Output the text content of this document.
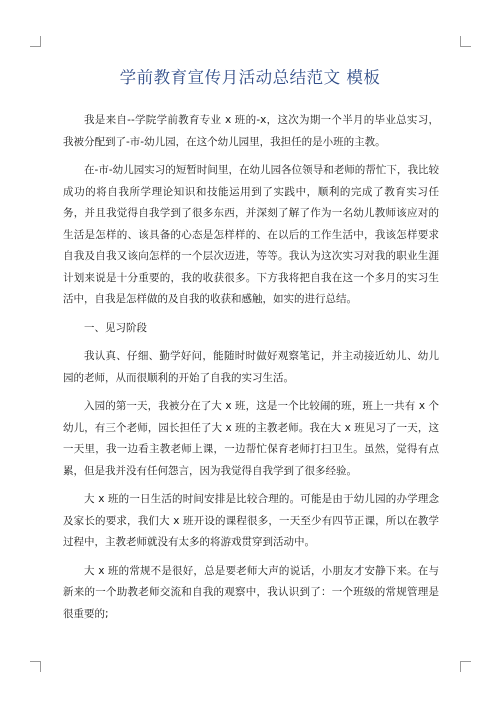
学前教育宣传月活动总结范文 模板

我是来自--学院学前教育专业 x 班的-x，这次为期一个半月的毕业总实习，我被分配到了-市-幼儿园，在这个幼儿园里，我担任的是小班的主教。

在-市-幼儿园实习的短暂时间里，在幼儿园各位领导和老师的帮忙下，我比较成功的将自我所学理论知识和技能运用到了实践中，顺利的完成了教育实习任务，并且我觉得自我学到了很多东西，并深刻了解了作为一名幼儿教师该应对的生活是怎样的、该具备的心态是怎样样的、在以后的工作生活中，我该怎样要求自我及自我又该向怎样的一个层次迈进，等等。我认为这次实习对我的职业生涯计划来说是十分重要的，我的收获很多。下方我将把自我在这一个多月的实习生活中，自我是怎样做的及自我的收获和感触，如实的进行总结。

一、见习阶段

我认真、仔细、勤学好问，能随时时做好观察笔记，并主动接近幼儿、幼儿园的老师，从而很顺利的开始了自我的实习生活。

入园的第一天，我被分在了大 x 班，这是一个比较闹的班，班上一共有 x 个幼儿，有三个老师，园长担任了大 x 班的主教老师。我在大 x 班见习了一天，这一天里，我一边看主教老师上课，一边帮忙保育老师打扫卫生。虽然，觉得有点累，但是我并没有任何怨言，因为我觉得自我学到了很多经验。

大 x 班的一日生活的时间安排是比较合理的。可能是由于幼儿园的办学理念及家长的要求，我们大 x 班开设的课程很多，一天至少有四节正课，所以在教学过程中，主教老师就没有太多的将游戏贯穿到活动中。

大 x 班的常规不是很好，总是要老师大声的说话，小朋友才安静下来。在与新来的一个助教老师交流和自我的观察中，我认识到了：一个班级的常规管理是很重要的;
